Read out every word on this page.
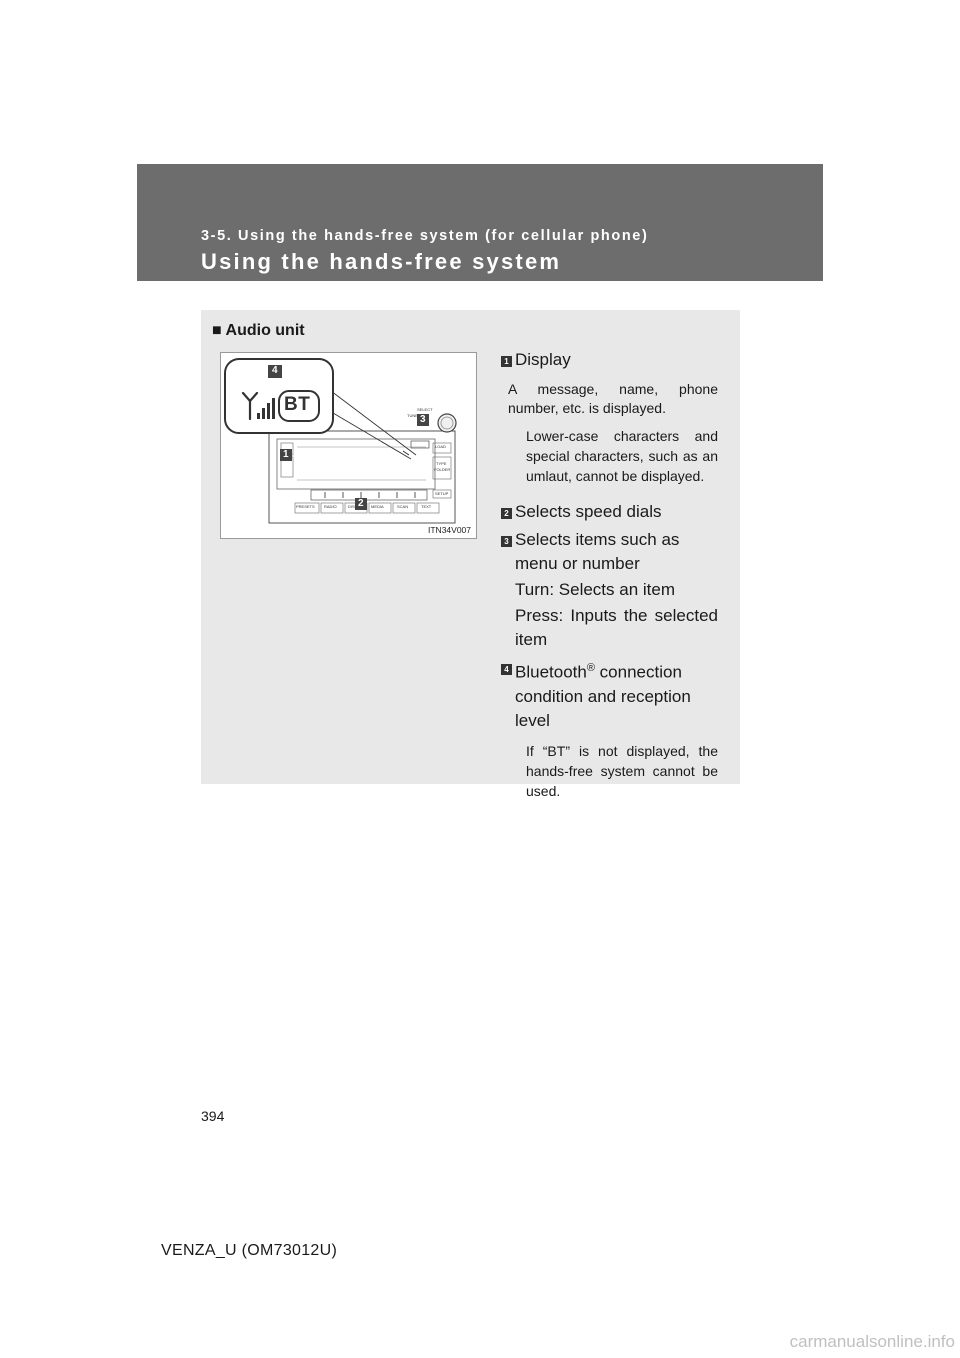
3-5. Using the hands-free system (for cellular phone)
Using the hands-free system
■ Audio unit
4
3
1
2
BT
PRESETS RADIO	DISC	MEDIA	SCAN	TEXT
LOAD
TYPE
FOLDER
SETUP
SELECT
TUNE
ITN34V007
1 Display
A message, name, phone number, etc. is displayed.
Lower-case characters and special characters, such as an umlaut, cannot be displayed.
2 Selects speed dials
3 Selects items such as menu or number
Turn: Selects an item
Press: Inputs the selected item
4 Bluetooth® connection condition and reception level
If “BT” is not displayed, the hands-free system cannot be used.
394
VENZA_U (OM73012U)
carmanualsonline.info
